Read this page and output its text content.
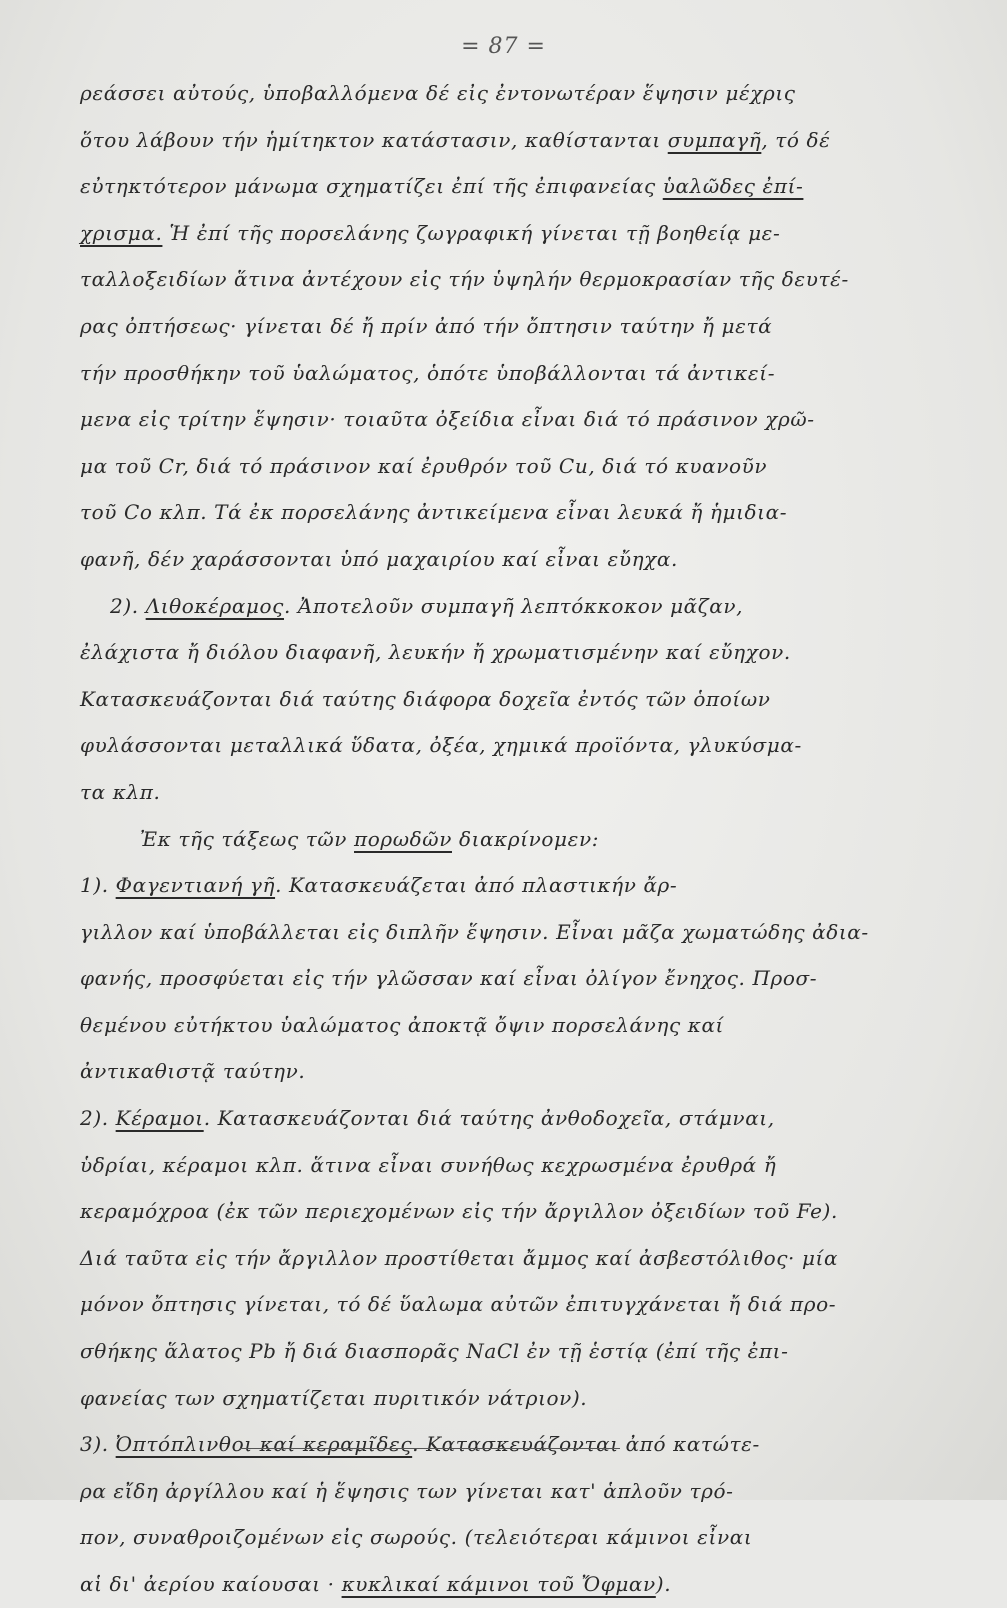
= 87 =
ρεάσσει αὐτούς, ὑποβαλλόμενα δέ εἰς ἐντονωτέραν ἕψησιν μέχρις
ὅτου λάβουν τήν ἡμίτηκτον κατάστασιν, καθίστανται συμπαγῆ, τό δέ
εὐτηκτότερον μάνωμα σχηματίζει ἐπί τῆς ἐπιφανείας ὑαλῶδες ἐπί-
χρισμα. Ἡ ἐπί τῆς πορσελάνης ζωγραφική γίνεται τῇ βοηθείᾳ με-
ταλλοξειδίων ἅτινα ἀντέχουν εἰς τήν ὑψηλήν θερμοκρασίαν τῆς δευτέ-
ρας ὀπτήσεως· γίνεται δέ ἤ πρίν ἀπό τήν ὄπτησιν ταύτην ἤ μετά
τήν προσθήκην τοῦ ὑαλώματος, ὁπότε ὑποβάλλονται τά ἀντικεί-
μενα εἰς τρίτην ἕψησιν· τοιαῦτα ὀξείδια εἶναι διά τό πράσινον χρῶ-
μα τοῦ Cr, διά τό πράσινον καί ἐρυθρόν τοῦ Cu, διά τό κυανοῦν
τοῦ Co κλπ. Τά ἐκ πορσελάνης ἀντικείμενα εἶναι λευκά ἤ ἡμιδια-
φανῆ, δέν χαράσσονται ὑπό μαχαιρίου καί εἶναι εὔηχα.
2). Λιθοκέραμος. Ἀποτελοῦν συμπαγῆ λεπτόκκοκον μᾶζαν,
ἐλάχιστα ἤ διόλου διαφανῆ, λευκήν ἤ χρωματισμένην καί εὔηχον.
Κατασκευάζονται διά ταύτης διάφορα δοχεῖα ἐντός τῶν ὁποίων
φυλάσσονται μεταλλικά ὕδατα, ὀξέα, χημικά προϊόντα, γλυκύσμα-
τα κλπ.
Ἐκ τῆς τάξεως τῶν πορωδῶν διακρίνομεν:
1). Φαγεντιανή γῆ. Κατασκευάζεται ἀπό πλαστικήν ἄρ-
γιλλον καί ὑποβάλλεται εἰς διπλῆν ἕψησιν. Εἶναι μᾶζα χωματώδης ἀδια-
φανής, προσφύεται εἰς τήν γλῶσσαν καί εἶναι ὀλίγον ἔνηχος. Προσ-
θεμένου εὐτήκτου ὑαλώματος ἀποκτᾷ ὄψιν πορσελάνης καί
ἀντικαθιστᾷ ταύτην.
2). Κέραμοι. Κατασκευάζονται διά ταύτης ἀνθοδοχεῖα, στάμναι,
ὑδρίαι, κέραμοι κλπ. ἅτινα εἶναι συνήθως κεχρωσμένα ἐρυθρά ἤ
κεραμόχροα (ἐκ τῶν περιεχομένων εἰς τήν ἄργιλλον ὀξειδίων τοῦ Fe).
Διά ταῦτα εἰς τήν ἄργιλλον προστίθεται ἄμμος καί ἀσβεστόλιθος· μία
μόνον ὄπτησις γίνεται, τό δέ ὕαλωμα αὐτῶν ἐπιτυγχάνεται ἤ διά προ-
σθήκης ἅλατος Pb ἤ διά διασπορᾶς NaCl ἐν τῇ ἑστίᾳ (ἐπί τῆς ἐπι-
φανείας των σχηματίζεται πυριτικόν νάτριον).
3). Ὀπτόπλινθοι καί κεραμῖδες. Κατασκευάζονται ἀπό κατώτε-
ρα εἴδη ἀργίλλου καί ἡ ἕψησις των γίνεται κατ' ἁπλοῦν τρό-
πον, συναθροιζομένων εἰς σωρούς. (τελειότεραι κάμινοι εἶναι
αἱ δι' ἀερίου καίουσαι · κυκλικαί κάμινοι τοῦ Ὄφμαν).
